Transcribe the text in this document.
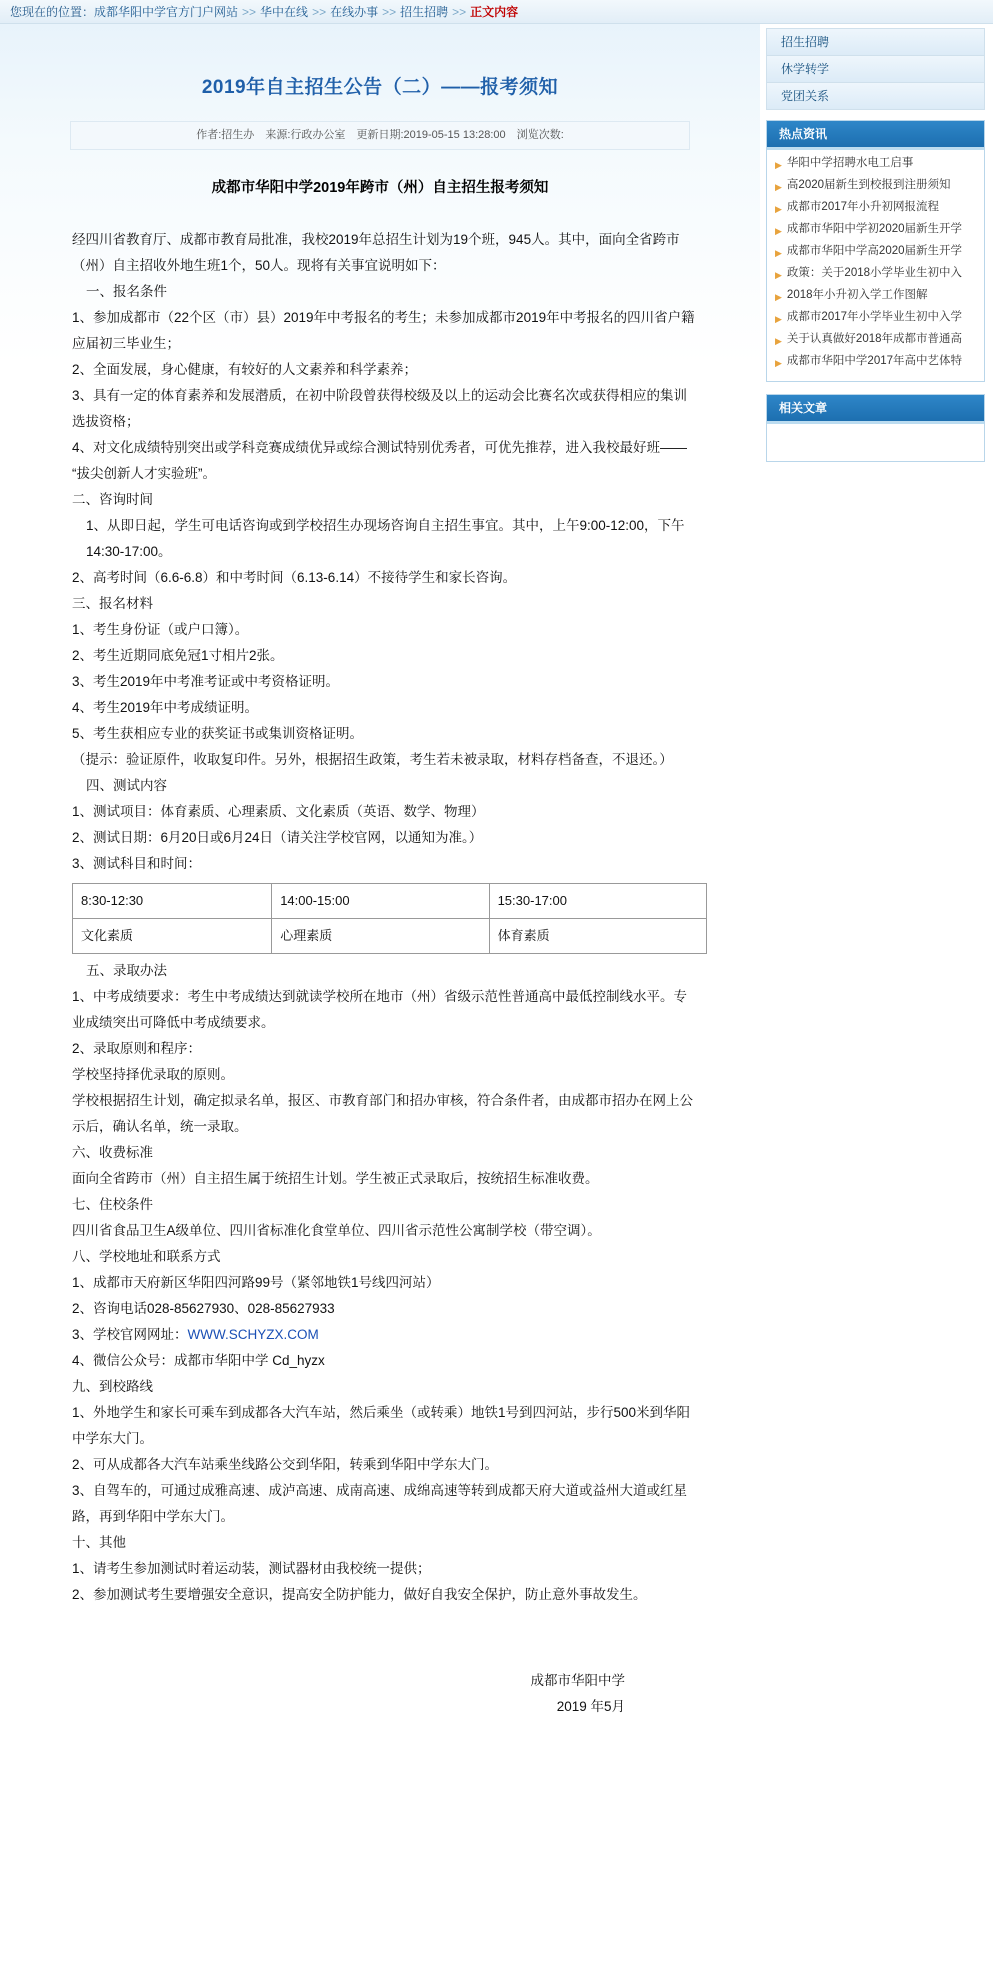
您现在的位置： 成都华阳中学官方门户网站 >> 华中在线 >> 在线办事 >> 招生招聘 >> 正文内容
2019年自主招生公告（二）——报考须知
作者:招生办 来源:行政办公室 更新日期:2019-05-15 13:28:00 浏览次数:
成都市华阳中学2019年跨市（州）自主招生报考须知

经四川省教育厅、成都市教育局批准，我校2019年总招生计划为19个班，945人。其中，面向全省跨市（州）自主招收外地生班1个，50人。现将有关事宜说明如下：

一、报名条件

1、参加成都市（22个区（市）县）2019年中考报名的考生；未参加成都市2019年中考报名的四川省户籍应届初三毕业生；

2、全面发展，身心健康，有较好的人文素养和科学素养；

3、具有一定的体育素养和发展潜质，在初中阶段曾获得校级及以上的运动会比赛名次或获得相应的集训选拔资格；

4、对文化成绩特别突出或学科竞赛成绩优异或综合测试特别优秀者，可优先推荐，进入我校最好班——“拔尖创新人才实验班”。

二、咨询时间

1、从即日起，学生可电话咨询或到学校招生办现场咨询自主招生事宜。其中，上午9:00-12:00，下午14:30-17:00。

2、高考时间（6.6-6.8）和中考时间（6.13-6.14）不接待学生和家长咨询。

三、报名材料

1、考生身份证（或户口簿）。

2、考生近期同底免冠1寸相片2张。

3、考生2019年中考准考证或中考资格证明。

4、考生2019年中考成绩证明。

5、考生获相应专业的获奖证书或集训资格证明。

（提示：验证原件，收取复印件。另外，根据招生政策，考生若未被录取，材料存档备查，不退还。）

四、测试内容

1、测试项目：体育素质、心理素质、文化素质（英语、数学、物理）

2、测试日期：6月20日或6月24日（请关注学校官网，以通知为准。）

3、测试科目和时间：

8:30-12:30	14:00-15:00	15:30-17:00
文化素质	心理素质	体育素质

五、录取办法

1、中考成绩要求：考生中考成绩达到就读学校所在地市（州）省级示范性普通高中最低控制线水平。专业成绩突出可降低中考成绩要求。

2、录取原则和程序：

学校坚持择优录取的原则。

学校根据招生计划，确定拟录名单，报区、市教育部门和招办审核，符合条件者，由成都市招办在网上公示后，确认名单，统一录取。

六、收费标准

面向全省跨市（州）自主招生属于统招生计划。学生被正式录取后，按统招生标准收费。

七、住校条件

四川省食品卫生A级单位、四川省标准化食堂单位、四川省示范性公寓制学校（带空调）。

八、学校地址和联系方式

1、成都市天府新区华阳四河路99号（紧邻地铁1号线四河站）

2、咨询电话028-85627930、028-85627933

3、学校官网网址：WWW.SCHYZX.COM

4、微信公众号：成都市华阳中学 Cd_hyzx

九、到校路线

1、外地学生和家长可乘车到成都各大汽车站，然后乘坐（或转乘）地铁1号到四河站，步行500米到华阳中学东大门。

2、可从成都各大汽车站乘坐线路公交到华阳，转乘到华阳中学东大门。

3、自驾车的，可通过成雅高速、成泸高速、成南高速、成绵高速等转到成都天府大道或益州大道或红星路，再到华阳中学东大门。

十、其他

1、请考生参加测试时着运动装，测试器材由我校统一提供；

2、参加测试考生要增强安全意识，提高安全防护能力，做好自我安全保护，防止意外事故发生。

成都市华阳中学
2019 年5月
招生招聘
休学转学
党团关系
热点资讯
▶ 华阳中学招聘水电工启事
▶ 高2020届新生到校报到注册须知
▶ 成都市2017年小升初网报流程
▶ 成都市华阳中学初2020届新生开学
▶ 成都市华阳中学高2020届新生开学
▶ 政策：关于2018小学毕业生初中入
▶ 2018年小升初入学工作图解
▶ 成都市2017年小学毕业生初中入学
▶ 关于认真做好2018年成都市普通高
▶ 成都市华阳中学2017年高中艺体特
相关文章
